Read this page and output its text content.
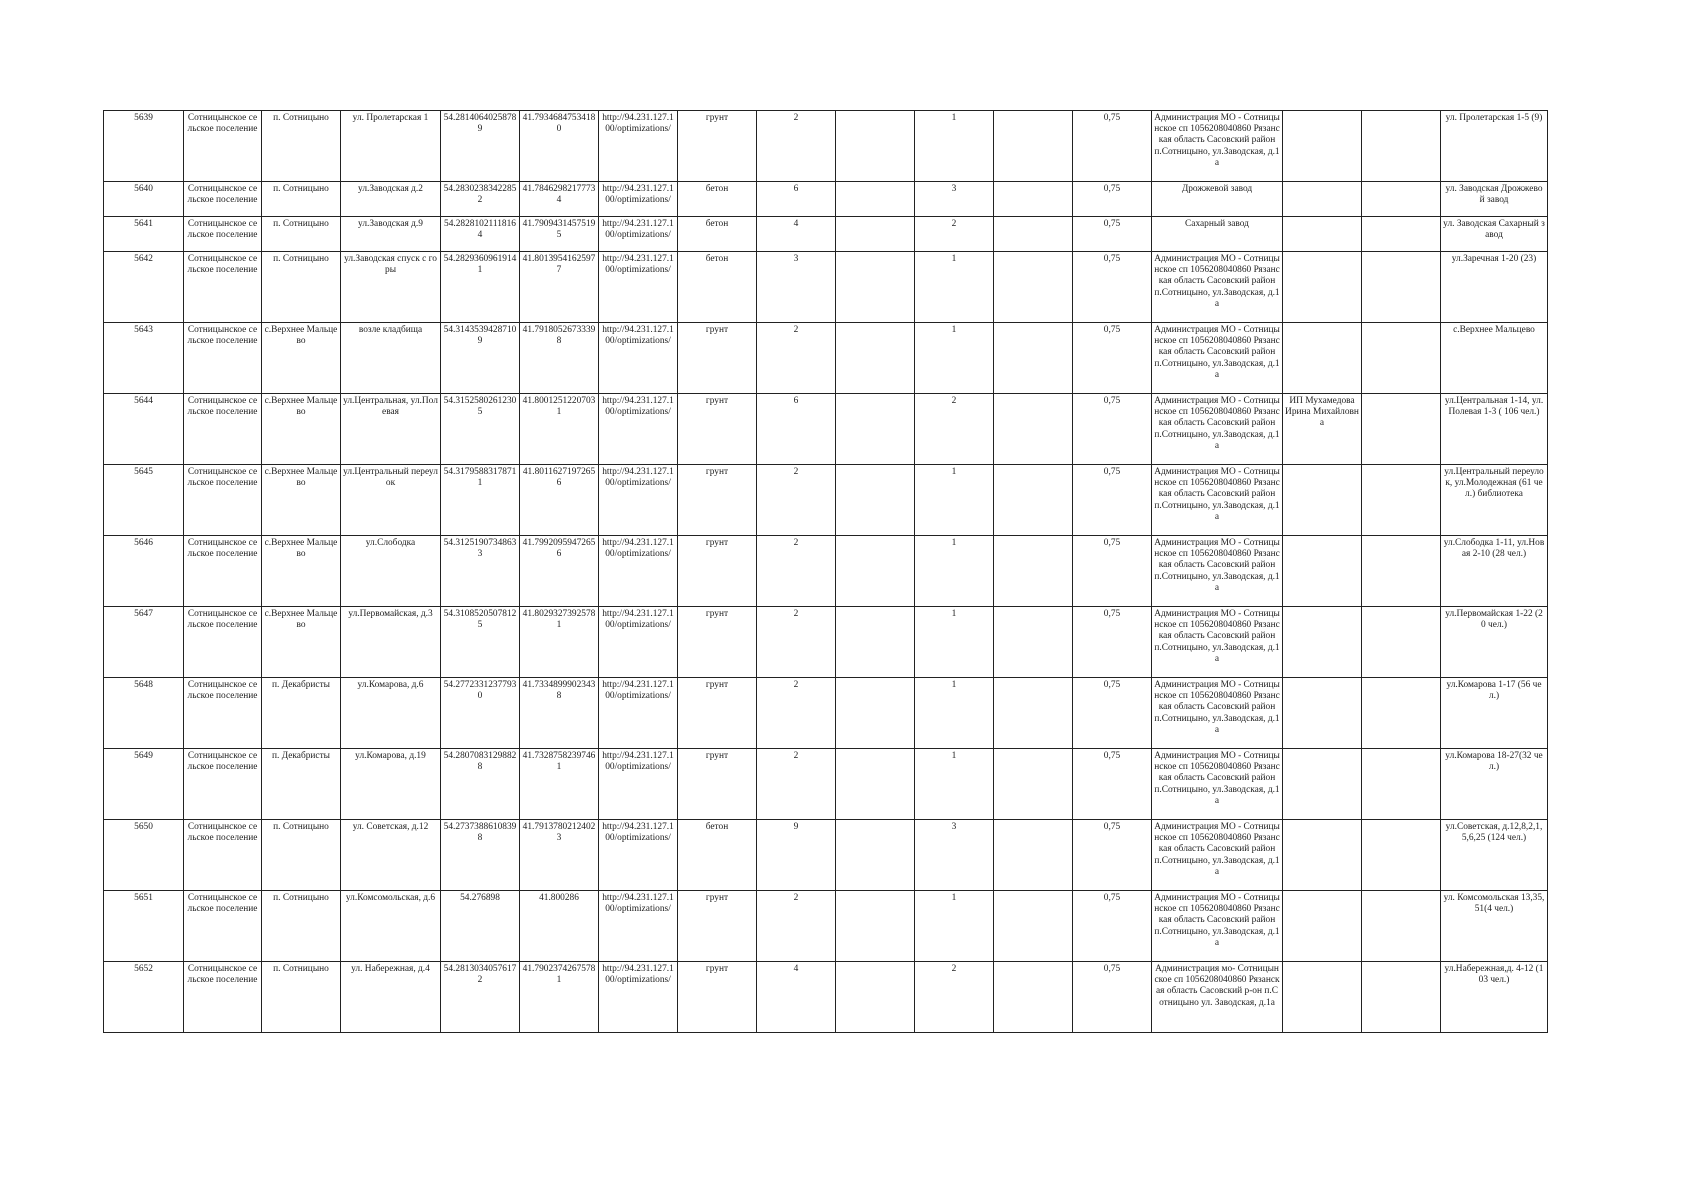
5639	Сотницынское сельское поселение	п. Сотницыно	ул. Пролетарская 1	54.28140640258789	41.79346847534180	http://94.231.127.100/optimizations/	грунт	2		1		0,75	Администрация МО - Сотницынское сп 1056208040860 Рязанская область Сасовский район п.Сотницыно, ул.Заводская, д.1а			ул. Пролетарская 1-5 (9)
5640	Сотницынское сельское поселение	п. Сотницыно	ул.Заводская д.2	54.28302383422852	41.78462982177734	http://94.231.127.100/optimizations/	бетон	6		3		0,75	Дрожжевой завод			ул. Заводская Дрожжевой завод
5641	Сотницынское сельское поселение	п. Сотницыно	ул.Заводская д.9	54.28281021118164	41.79094314575195	http://94.231.127.100/optimizations/	бетон	4		2		0,75	Сахарный завод			ул. Заводская Сахарный завод
5642	Сотницынское сельское поселение	п. Сотницыно	ул.Заводская спуск с горы	54.28293609619141	41.80139541625977	http://94.231.127.100/optimizations/	бетон	3		1		0,75	Администрация МО - Сотницынское сп 1056208040860 Рязанская область Сасовский район п.Сотницыно, ул.Заводская, д.1а			ул.Заречная 1-20 (23)
5643	Сотницынское сельское поселение	с.Верхнее Мальцево	возле кладбища	54.31435394287109	41.79180526733398	http://94.231.127.100/optimizations/	грунт	2		1		0,75	Администрация МО - Сотницынское сп 1056208040860 Рязанская область Сасовский район п.Сотницыно, ул.Заводская, д.1а			с.Верхнее Мальцево
5644	Сотницынское сельское поселение	с.Верхнее Мальцево	ул.Центральная, ул.Полевая	54.31525802612305	41.80012512207031	http://94.231.127.100/optimizations/	грунт	6		2		0,75	Администрация МО - Сотницынское сп 1056208040860 Рязанская область Сасовский район п.Сотницыно, ул.Заводская, д.1а	ИП Мухамедова Ирина Михайловна		ул.Центральная 1-14, ул.Полевая 1-3 ( 106 чел.)
5645	Сотницынское сельское поселение	с.Верхнее Мальцево	ул.Центральный переулок	54.31795883178711	41.80116271972656	http://94.231.127.100/optimizations/	грунт	2		1		0,75	Администрация МО - Сотницынское сп 1056208040860 Рязанская область Сасовский район п.Сотницыно, ул.Заводская, д.1а			ул.Центральный переулок, ул.Молодежная (61 чел.) библиотека
5646	Сотницынское сельское поселение	с.Верхнее Мальцево	ул.Слободка	54.31251907348633	41.79920959472656	http://94.231.127.100/optimizations/	грунт	2		1		0,75	Администрация МО - Сотницынское сп 1056208040860 Рязанская область Сасовский район п.Сотницыно, ул.Заводская, д.1а			ул.Слободка 1-11, ул.Новая 2-10 (28 чел.)
5647	Сотницынское сельское поселение	с.Верхнее Мальцево	ул.Первомайская, д.3	54.31085205078125	41.80293273925781	http://94.231.127.100/optimizations/	грунт	2		1		0,75	Администрация МО - Сотницынское сп 1056208040860 Рязанская область Сасовский район п.Сотницыно, ул.Заводская, д.1а			ул.Первомайская 1-22 (20 чел.)
5648	Сотницынское сельское поселение	п. Декабристы	ул.Комарова, д.6	54.27723312377930	41.73348999023438	http://94.231.127.100/optimizations/	грунт	2		1		0,75	Администрация МО - Сотницынское сп 1056208040860 Рязанская область Сасовский район п.Сотницыно, ул.Заводская, д.1а			ул.Комарова 1-17 (56 чел.)
5649	Сотницынское сельское поселение	п. Декабристы	ул.Комарова, д.19	54.28070831298828	41.73287582397461	http://94.231.127.100/optimizations/	грунт	2		1		0,75	Администрация МО - Сотницынское сп 1056208040860 Рязанская область Сасовский район п.Сотницыно, ул.Заводская, д.1а			ул.Комарова 18-27(32 чел.)
5650	Сотницынское сельское поселение	п. Сотницыно	ул. Советская, д.12	54.27373886108398	41.79137802124023	http://94.231.127.100/optimizations/	бетон	9		3		0,75	Администрация МО - Сотницынское сп 1056208040860 Рязанская область Сасовский район п.Сотницыно, ул.Заводская, д.1а			ул.Советская, д.12,8,2,1,5,6,25 (124 чел.)
5651	Сотницынское сельское поселение	п. Сотницыно	ул.Комсомольская, д.6	54.276898	41.800286	http://94.231.127.100/optimizations/	грунт	2		1		0,75	Администрация МО - Сотницынское сп 1056208040860 Рязанская область Сасовский район п.Сотницыно, ул.Заводская, д.1а			ул. Комсомольская 13,35,51(4 чел.)
5652	Сотницынское сельское поселение	п. Сотницыно	ул. Набережная, д.4	54.28130340576172	41.79023742675781	http://94.231.127.100/optimizations/	грунт	4		2		0,75	Администрация мо- Сотницынское сп 1056208040860 Рязанская область Сасовский р-он п.Сотницыно ул. Заводская, д.1а			ул.Набережная,д. 4-12 (103 чел.)
